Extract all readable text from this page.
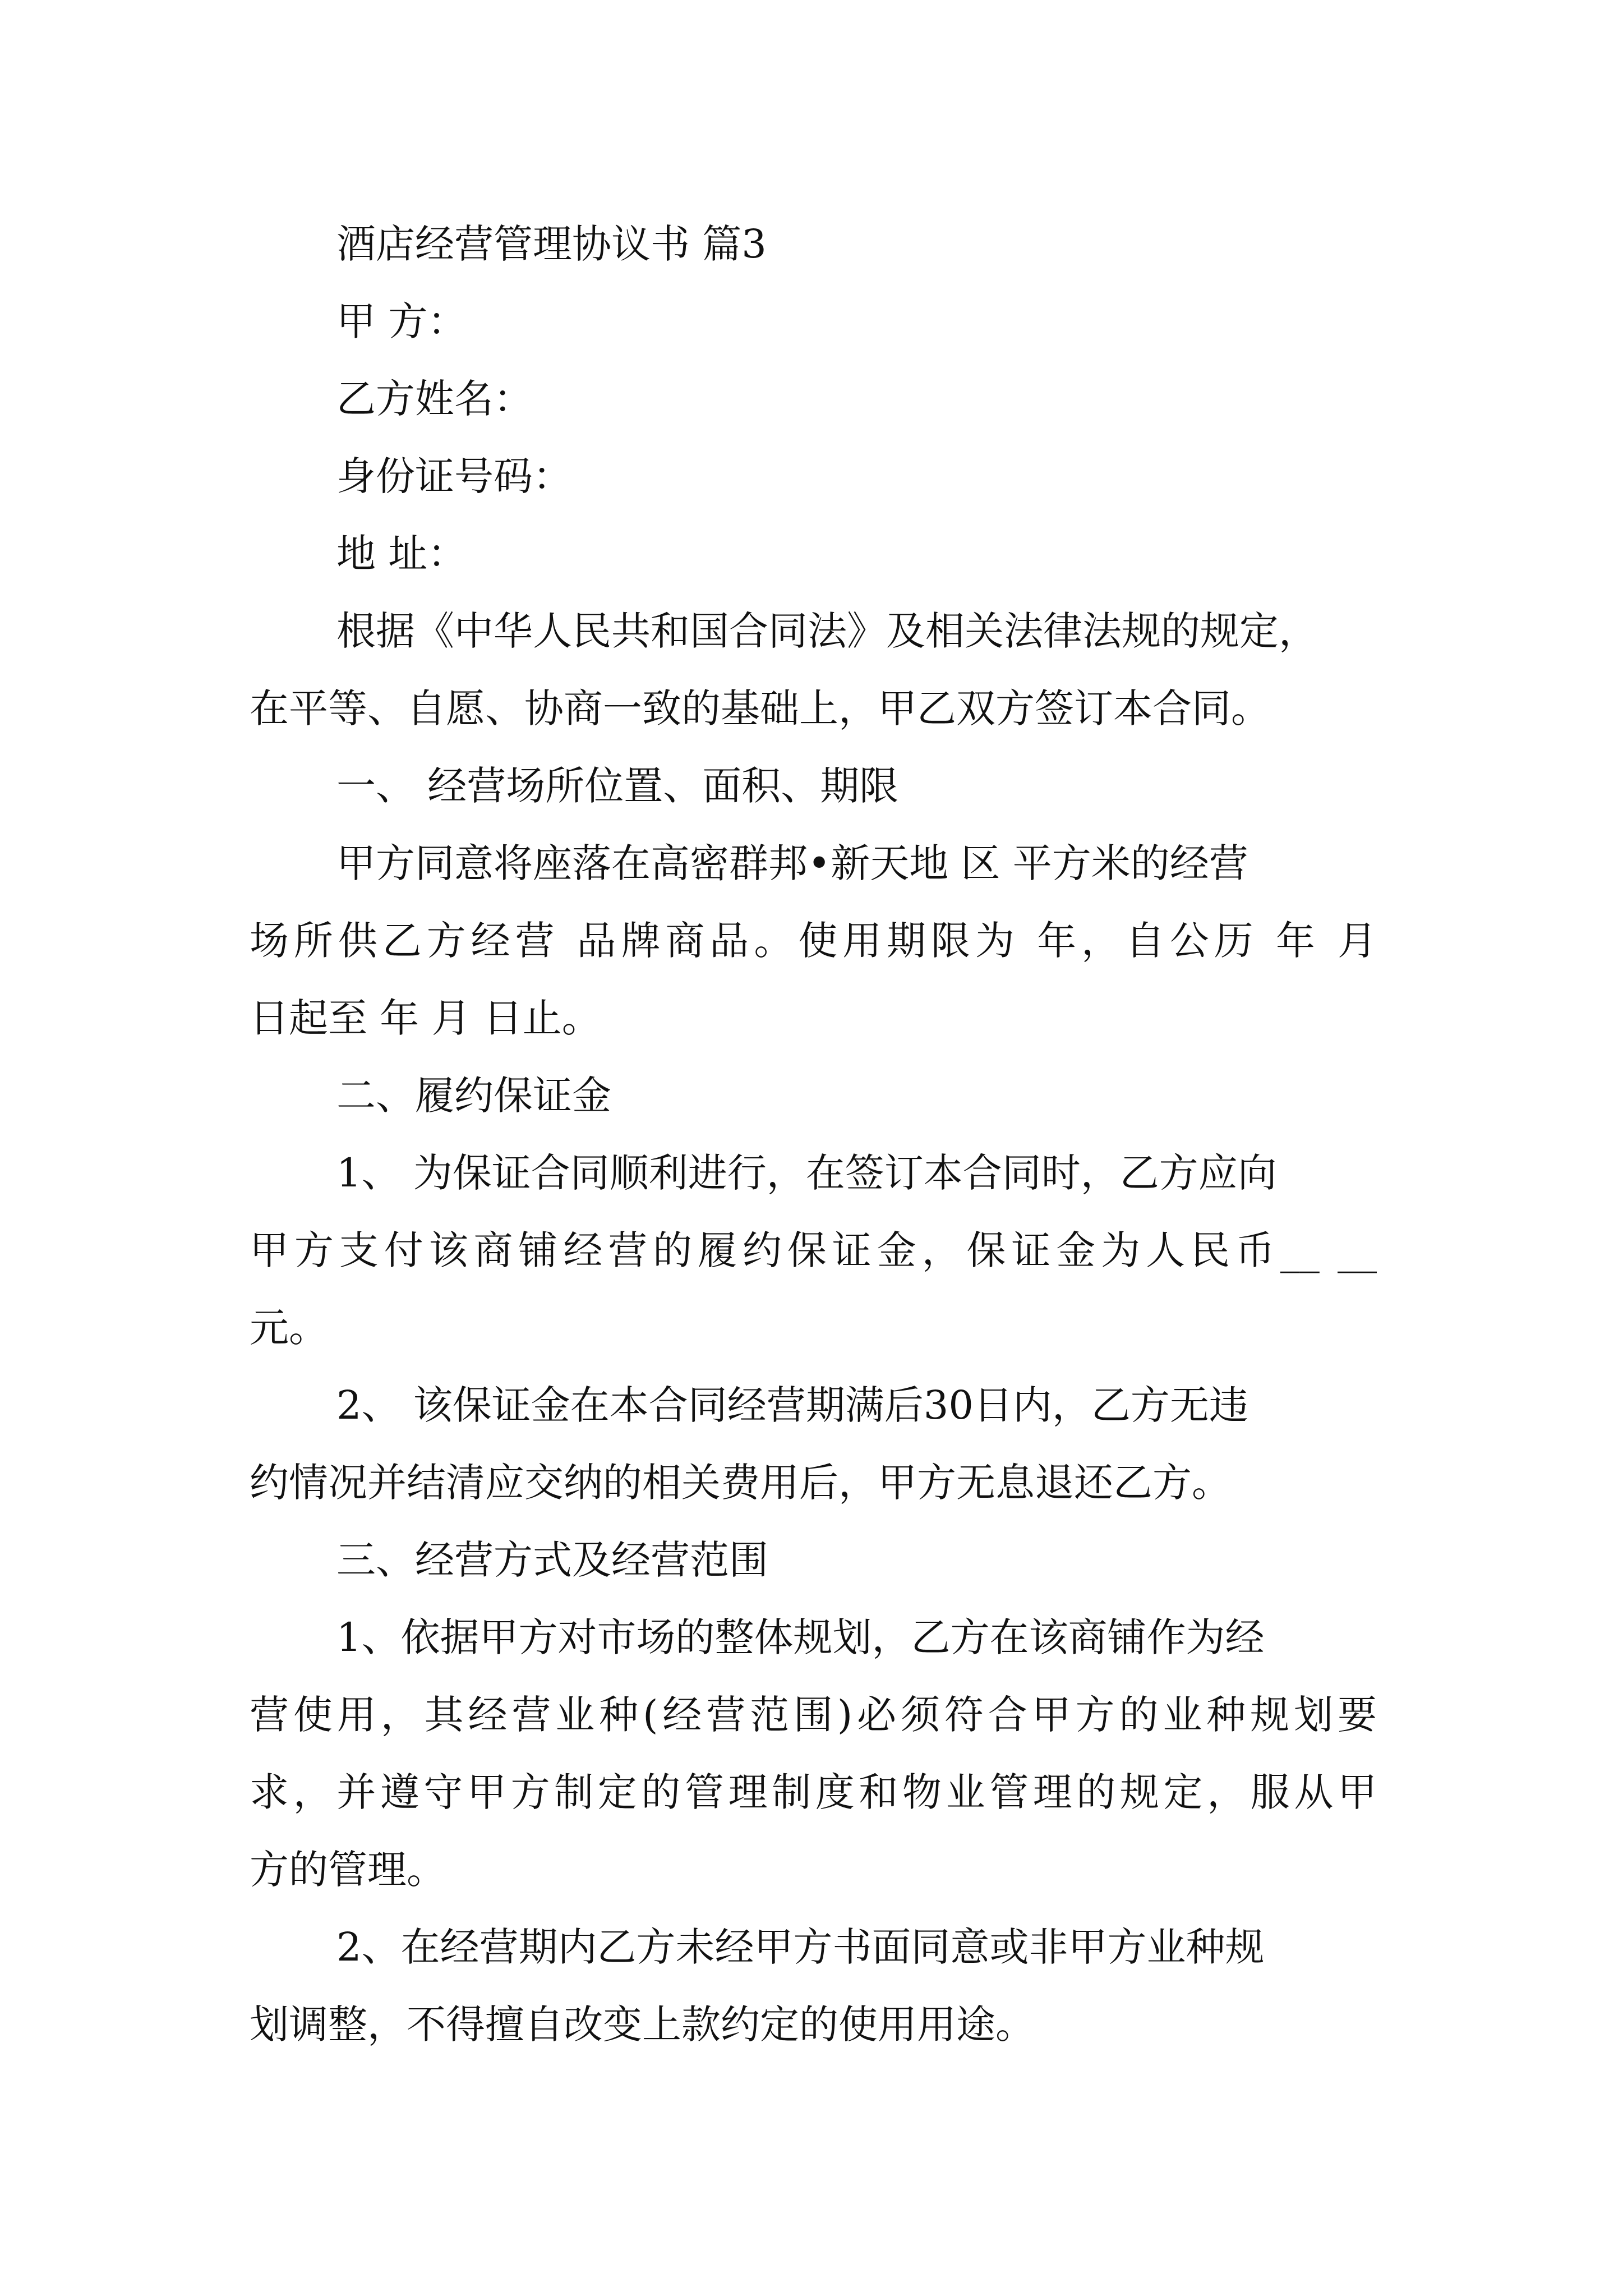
酒店经营管理协议书 篇3
甲 方：
乙方姓名：
身份证号码：
地 址：
根据《中华人民共和国合同法》及相关法律法规的规定，
在平等、自愿、协商一致的基础上，甲乙双方签订本合同。
一、 经营场所位置、面积、期限
甲方同意将座落在高密群邦•新天地 区 平方米的经营
场所供乙方经营 品牌商品。使用期限为 年，自公历 年 月
日起至 年 月 日止。
二、履约保证金
1、 为保证合同顺利进行，在签订本合同时，乙方应向
甲方支付该商铺经营的履约保证金，保证金为人民币__ __
元。
2、 该保证金在本合同经营期满后30日内，乙方无违
约情况并结清应交纳的相关费用后，甲方无息退还乙方。
三、经营方式及经营范围
1、依据甲方对市场的整体规划，乙方在该商铺作为经
营使用，其经营业种(经营范围)必须符合甲方的业种规划要
求，并遵守甲方制定的管理制度和物业管理的规定，服从甲
方的管理。
2、在经营期内乙方未经甲方书面同意或非甲方业种规
划调整，不得擅自改变上款约定的使用用途。
